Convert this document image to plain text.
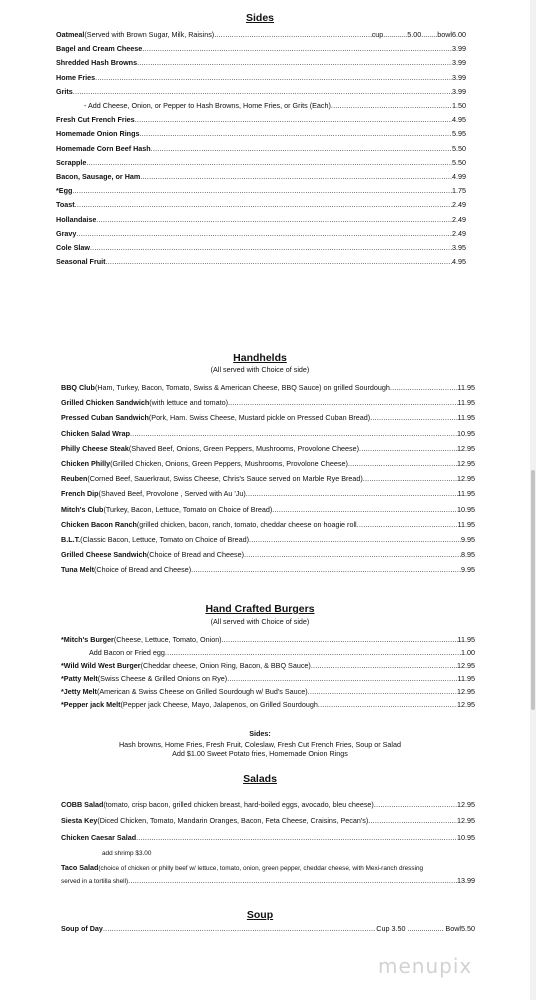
Sides
Oatmeal (Served with Brown Sugar, Milk, Raisins) .....	cup............5.00........bowl 6.00
Bagel and Cream Cheese .....	3.99
Shredded Hash Browns .....	3.99
Home Fries .....	3.99
Grits .....	3.99
- Add Cheese, Onion, or Pepper to Hash Browns, Home Fries, or Grits (Each) .....	1.50
Fresh Cut French Fries .....	4.95
Homemade Onion Rings .....	5.95
Homemade Corn Beef Hash .....	5.50
Scrapple .....	5.50
Bacon, Sausage, or Ham .....	4.99
*Egg .....	1.75
Toast .....	2.49
Hollandaise .....	2.49
Gravy .....	2.49
Cole Slaw .....	3.95
Seasonal Fruit .....	4.95
Handhelds
(All served with Choice of side)
BBQ Club (Ham, Turkey, Bacon, Tomato, Swiss & American Cheese, BBQ Sauce) on grilled Sourdough .....	11.95
Grilled Chicken Sandwich (with lettuce and tomato) .....	11.95
Pressed Cuban Sandwich (Pork, Ham. Swiss Cheese, Mustard pickle on Pressed Cuban Bread) .....	11.95
Chicken Salad Wrap .....	10.95
Philly Cheese Steak (Shaved Beef, Onions, Green Peppers, Mushrooms, Provolone Cheese) .....	12.95
Chicken Philly (Grilled Chicken, Onions, Green Peppers, Mushrooms, Provolone Cheese) .....	12.95
Reuben (Corned Beef, Sauerkraut, Swiss Cheese, Chris's Sauce served on Marble Rye Bread) .....	12.95
French Dip (Shaved Beef, Provolone , Served with Au 'Ju) .....	11.95
Mitch's Club (Turkey, Bacon, Lettuce, Tomato on Choice of Bread) .....	10.95
Chicken Bacon Ranch (grilled chicken, bacon, ranch, tomato, cheddar cheese on hoagie roll .....	11.95
B.L.T. (Classic Bacon, Lettuce, Tomato on Choice of Bread) .....	9.95
Grilled Cheese Sandwich (Choice of Bread and Cheese) .....	8.95
Tuna Melt (Choice of Bread and Cheese) .....	9.95
Hand Crafted Burgers
(All served with Choice of side)
*Mitch's Burger (Cheese, Lettuce, Tomato, Onion) .....	11.95
Add Bacon or Fried egg .....	1.00
*Wild Wild West Burger (Cheddar cheese, Onion Ring, Bacon, & BBQ Sauce) .....	12.95
*Patty Melt (Swiss Cheese & Grilled Onions on Rye) .....	11.95
*Jetty Melt (American & Swiss Cheese on Grilled Sourdough w/ Bud's Sauce) .....	12.95
*Pepper jack Melt (Pepper jack Cheese, Mayo, Jalapenos, on Grilled Sourdough .....	12.95
Sides:
Hash browns, Home Fries, Fresh Fruit, Coleslaw, Fresh Cut French Fries, Soup or Salad
Add $1.00 Sweet Potato fries, Homemade Onion Rings
Salads
COBB Salad (tomato, crisp bacon, grilled chicken breast, hard-boiled eggs, avocado, bleu cheese) .....	12.95
Siesta Key (Diced Chicken, Tomato, Mandarin Oranges, Bacon, Feta Cheese, Craisins, Pecan's) .....	12.95
Chicken Caesar Salad .....	10.95
add shrimp $3.00
Taco Salad (choice of chicken or philly beef w/ lettuce, tomato, onion, green pepper, cheddar cheese, with Mexi-ranch dressing
served in a tortilla shell) .....	13.99
Soup
Soup of Day .....	Cup 3.50 .................. Bowl 5.50
menupix
